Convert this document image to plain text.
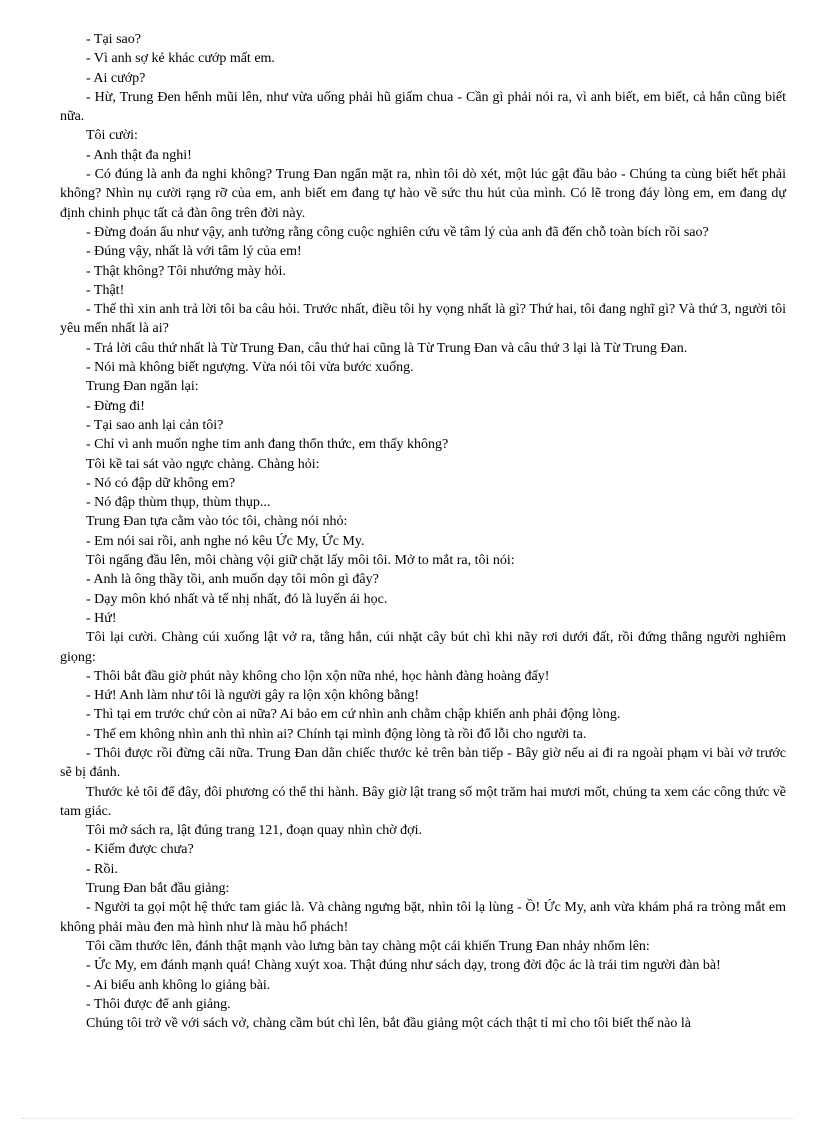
- Tại sao?

- Vì anh sợ kẻ khác cướp mất em.

- Ai cướp?

- Hừ, Trung Đen hểnh mũi lên, như vừa uống phải hũ giấm chua - Cần gì phải nói ra, vì anh biết, em biết, cả hắn cũng biết nữa.

Tôi cười:

- Anh thật đa nghi!

- Có đúng là anh đa nghi không? Trung Đan ngẩn mặt ra, nhìn tôi dò xét, một lúc gật đầu bảo - Chúng ta cùng biết hết phải không? Nhìn nụ cười rạng rỡ của em, anh biết em đang tự hào về sức thu hút của mình. Có lẽ trong đáy lòng em, em đang dự định chinh phục tất cả đàn ông trên đời này.

- Đừng đoán ẩu như vậy, anh tưởng rằng công cuộc nghiên cứu về tâm lý của anh đã đến chỗ toàn bích rồi sao?

- Đúng vậy, nhất là với tâm lý của em!

- Thật không? Tôi nhướng mày hỏi.

- Thật!

- Thế thì xin anh trả lời tôi ba câu hỏi. Trước nhất, điều tôi hy vọng nhất là gì? Thứ hai, tôi đang nghĩ gì? Và thứ 3, người tôi yêu mến nhất là ai?

- Trả lời câu thứ nhất là Từ Trung Đan, câu thứ hai cũng là Từ Trung Đan và câu thứ 3 lại là Từ Trung Đan.

- Nói mà không biết ngượng. Vừa nói tôi vừa bước xuống.

Trung Đan ngăn lại:

- Đừng đi!

- Tại sao anh lại cản tôi?

- Chỉ vì anh muốn nghe tim anh đang thổn thức, em thấy không?

Tôi kề tai sát vào ngực chàng. Chàng hỏi:

- Nó có đập dữ không em?

- Nó đập thùm thụp, thùm thụp...

Trung Đan tựa cằm vào tóc tôi, chàng nói nhỏ:

- Em nói sai rồi, anh nghe nó kêu Ức My, Ức My.

Tôi ngẩng đầu lên, môi chàng vội giữ chặt lấy môi tôi. Mở to mắt ra, tôi nói:

- Anh là ông thầy tồi, anh muốn dạy tôi môn gì đây?

- Dạy môn khó nhất và tế nhị nhất, đó là luyến ái học.

- Hứ!

Tôi lại cười. Chàng cúi xuống lật vở ra, tằng hắn, cúi nhặt cây bút chì khi nãy rơi dưới đất, rồi đứng thẳng người nghiêm giọng:

- Thôi bắt đầu giờ phút này không cho lộn xộn nữa nhé, học hành đàng hoàng đấy!

- Hứ! Anh làm như tôi là người gây ra lộn xộn không bằng!

- Thì tại em trước chứ còn ai nữa? Ai bảo em cứ nhìn anh chằm chập khiến anh phải động lòng.

- Thế em không nhìn anh thì nhìn ai? Chính tại mình động lòng tà rồi đổ lỗi cho người ta.

- Thôi được rồi đừng cãi nữa. Trung Đan dằn chiếc thước kẻ trên bàn tiếp - Bây giờ nếu ai đi ra ngoài phạm vi bài vở trước sẽ bị đánh.

Thước kẻ tôi để đây, đôi phương có thể thi hành. Bây giờ lật trang số một trăm hai mươi mốt, chúng ta xem các công thức về tam giác.

Tôi mở sách ra, lật đúng trang 121, đoạn quay nhìn chờ đợi.

- Kiếm được chưa?

- Rồi.

Trung Đan bắt đầu giảng:

- Người ta gọi một hệ thức tam giác là. Và chàng ngưng bặt, nhìn tôi lạ lùng - Ồ! Ức My, anh vừa khám phá ra tròng mắt em không phải màu đen mà hình như là màu hổ phách!

Tôi cầm thước lên, đánh thật mạnh vào lưng bàn tay chàng một cái khiến Trung Đan nhảy nhổm lên:

- Ức My, em đánh mạnh quá! Chàng xuýt xoa. Thật đúng như sách dạy, trong đời độc ác là trái tim người đàn bà!

- Ai biểu anh không lo giảng bài.

- Thôi được để anh giảng.

Chúng tôi trở về với sách vở, chàng cầm bút chì lên, bắt đầu giảng một cách thật tỉ mỉ cho tôi biết thế nào là
